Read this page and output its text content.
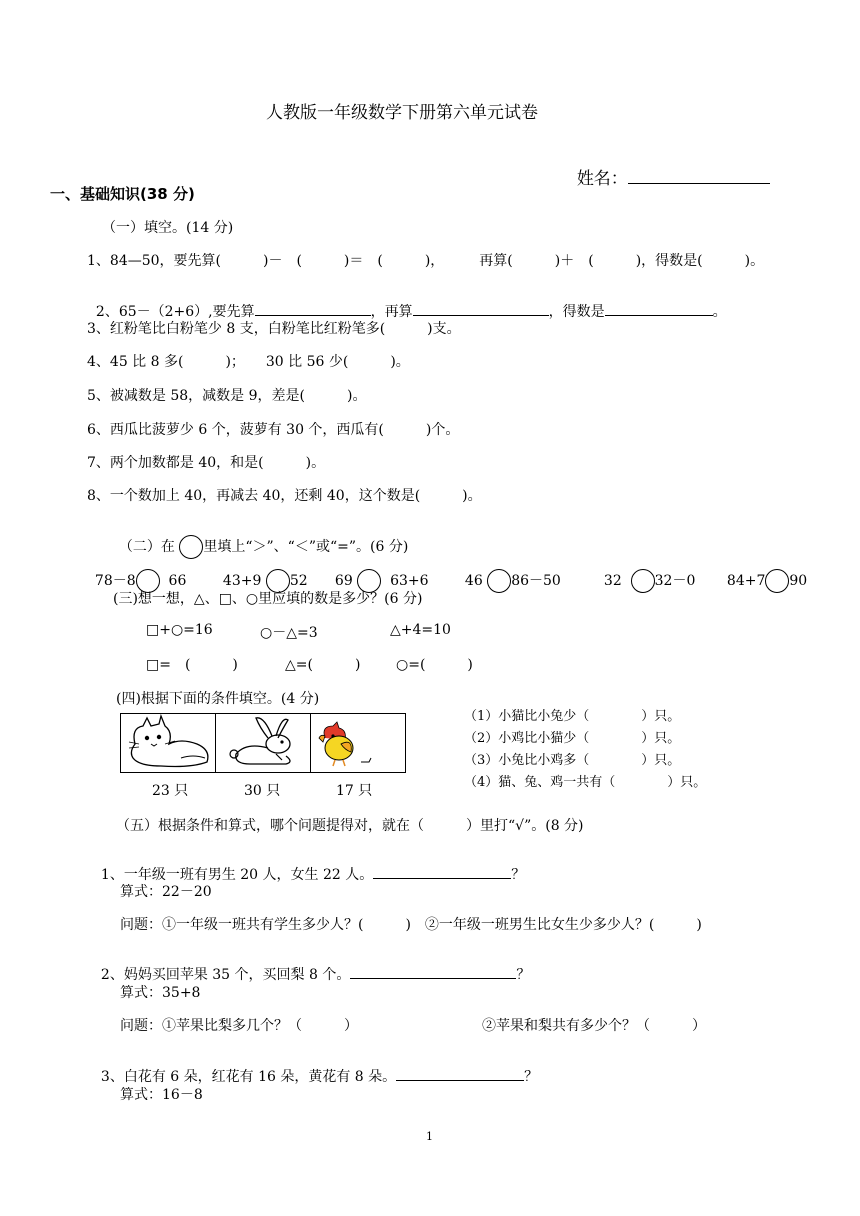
人教版一年级数学下册第六单元试卷

姓名：

一、基础知识(38 分)
（一）填空。(14 分)
1、84—50，要先算(　　　)－　(　　　)＝　(　　　)，　　　再算(　　　)＋　(　　　)，得数是(　　　)。

2、65－（2+6）,要先算	，再算	，得数是	。

3、红粉笔比白粉笔少 8 支，白粉笔比红粉笔多(　　　)支。
4、45 比 8 多(　　　)；　　30 比 56 少(　　　)。
5、被减数是 58，减数是 9，差是(　　　)。
6、西瓜比菠萝少 6 个，菠萝有 30 个，西瓜有(　　　)个。
7、两个加数都是 40，和是(　　　)。
8、一个数加上 40，再减去 40，还剩 40，这个数是(　　　)。

（二）在 里填上“＞”、“＜”或“=”。(6 分)

78－8 66	43+9 52	69	63+6	46 86－50	32 32－0	84+7 90

(三)想一想，△、□、○里应填的数是多少？(6 分)
□+○=16	○－△=3	△+4=10
□=　(　　　)	△=(　　　)	○=(　　　)
(四)根据下面的条件填空。(4 分)
23 只	30 只	17 只
（1）小猫比小兔少（　　　　）只。
（2）小鸡比小猫少（　　　　）只。
（3）小兔比小鸡多（　　　　）只。
（4）猫、兔、鸡一共有（　　　　）只。
（五）根据条件和算式，哪个问题提得对，就在（　　　）里打“√”。(8 分)

1、一年级一班有男生 20 人，女生 22 人。	？

算式：22－20
问题：①一年级一班共有学生多少人？(　　　)　②一年级一班男生比女生少多少人？(　　　)

2、妈妈买回苹果 35 个，买回梨 8 个。	？

算式：35+8
问题：①苹果比梨多几个？（　　　）	②苹果和梨共有多少个？（　　　）

3、白花有 6 朵，红花有 16 朵，黄花有 8 朵。	？

算式：16－8
1
